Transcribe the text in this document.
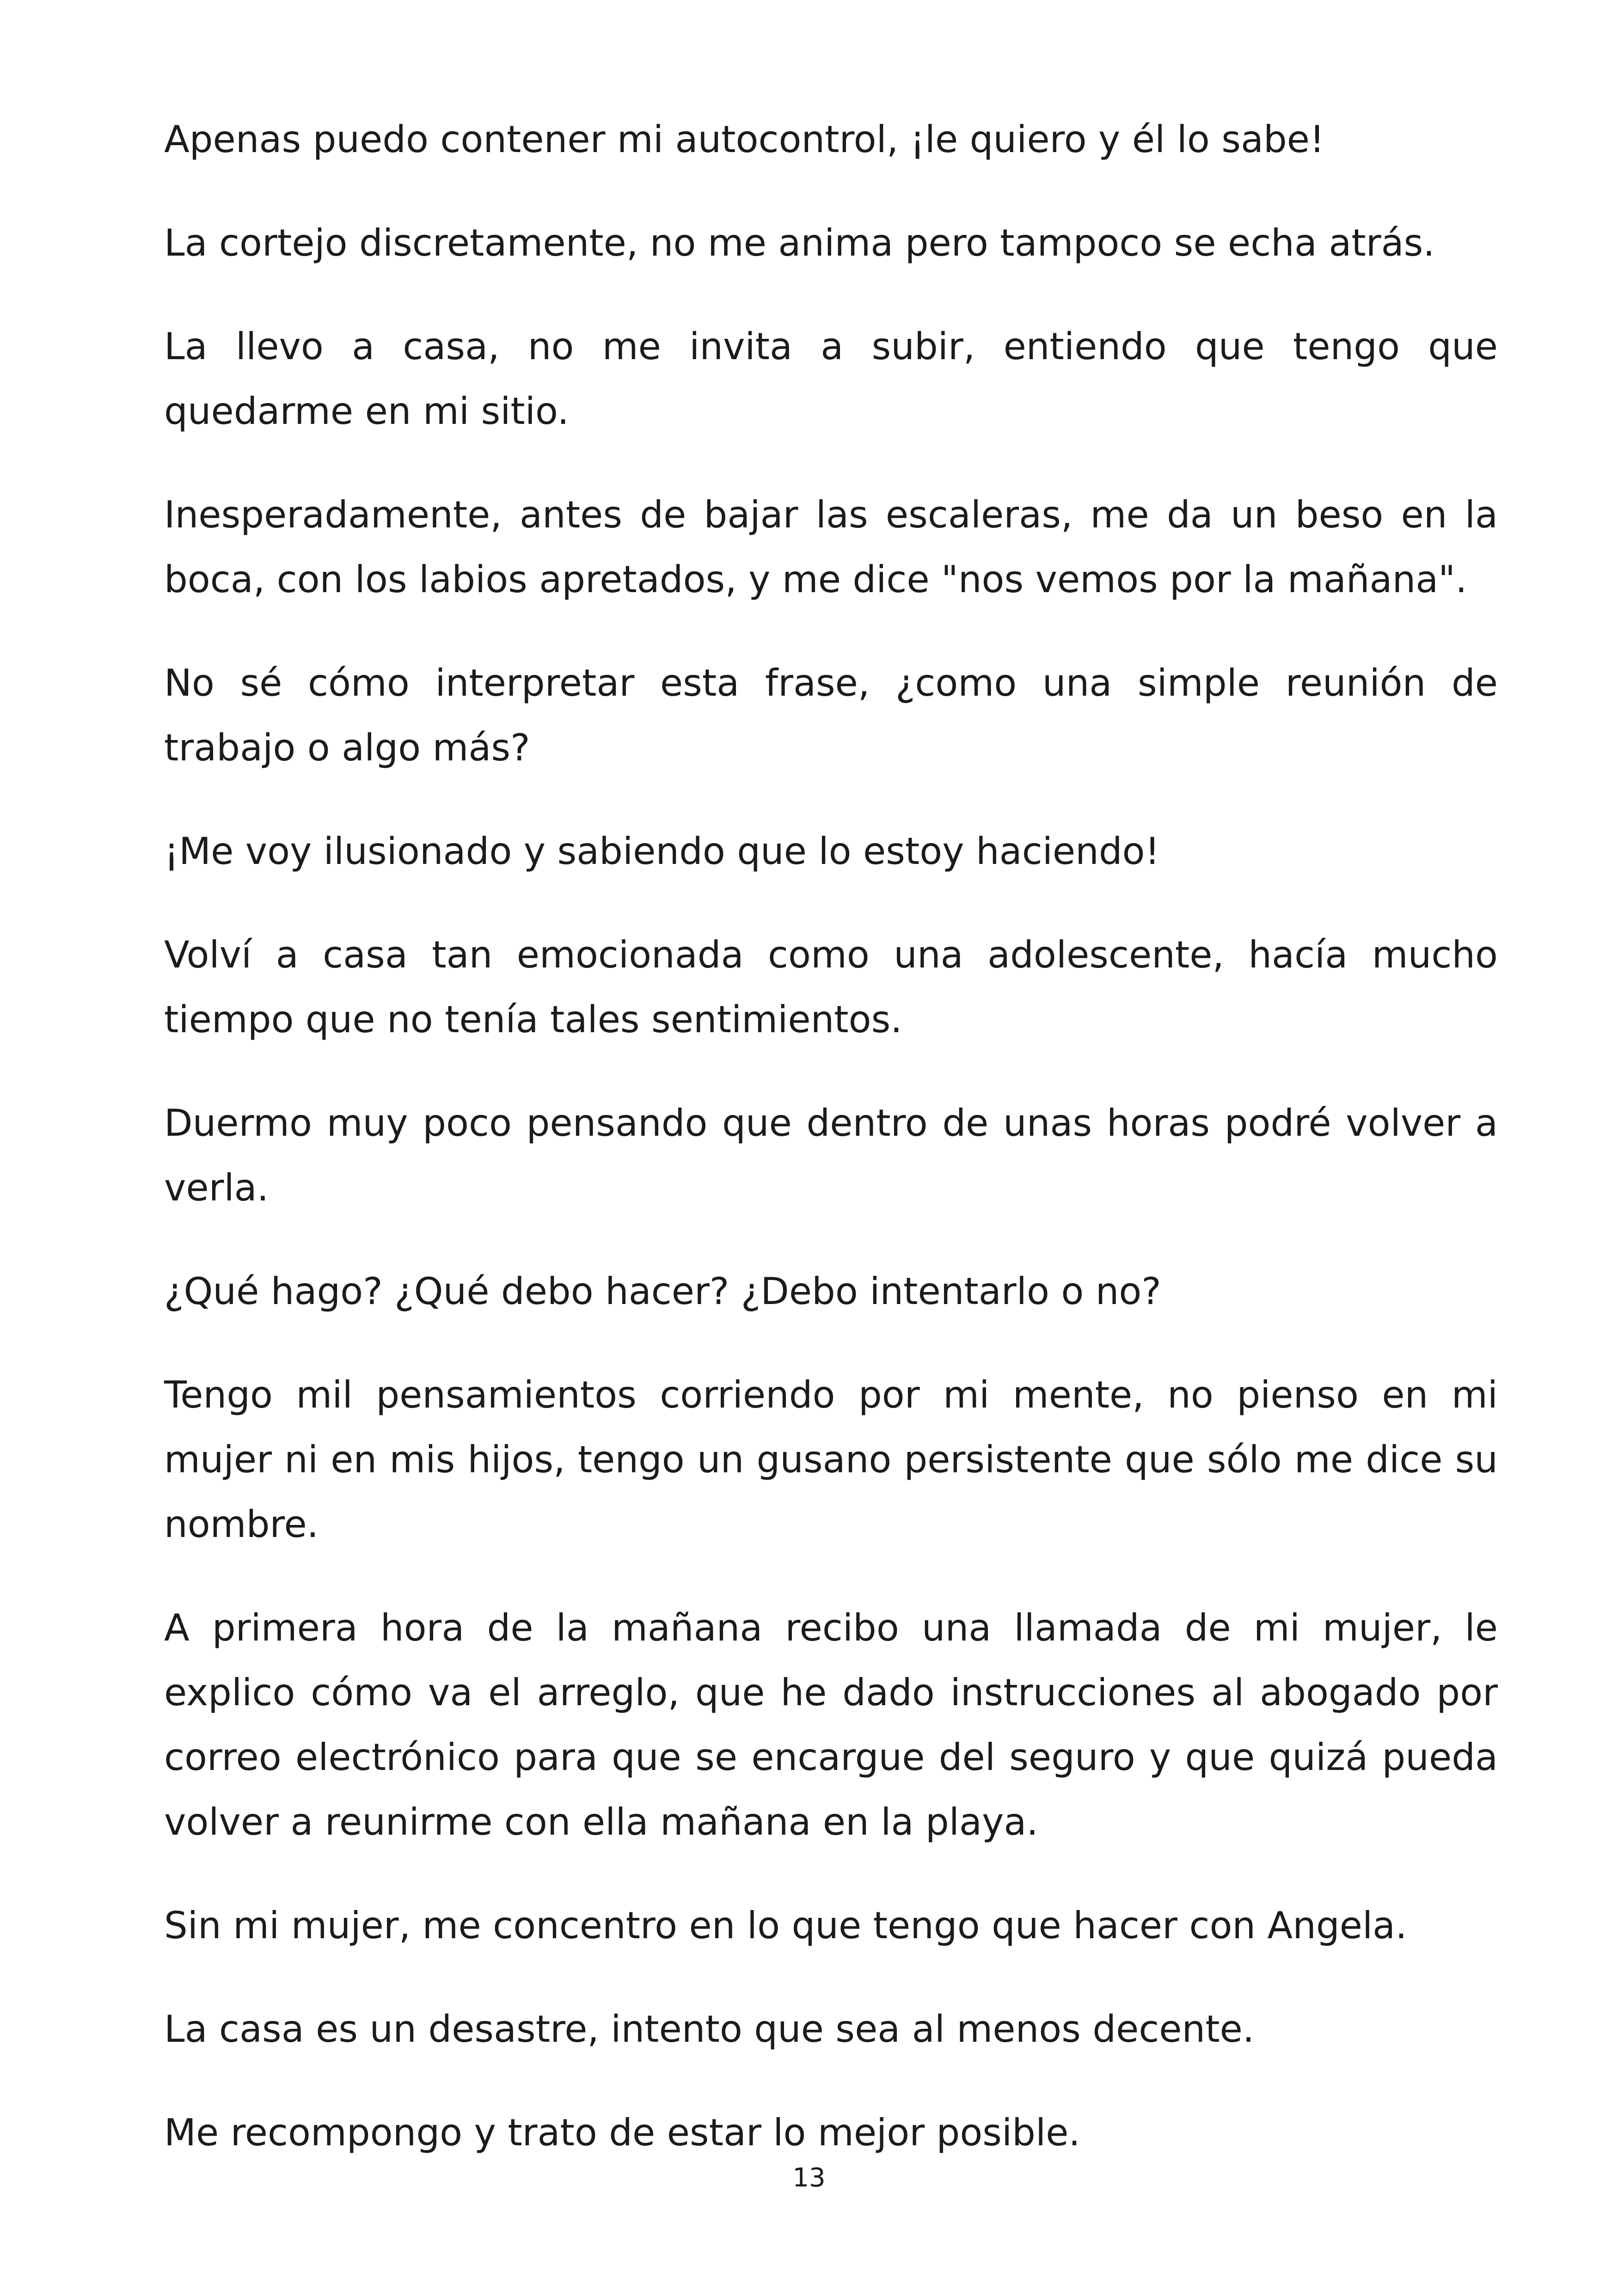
Apenas puedo contener mi autocontrol, ¡le quiero y él lo sabe!

La cortejo discretamente, no me anima pero tampoco se echa atrás.

La llevo a casa, no me invita a subir, entiendo que tengo que quedarme en mi sitio.

Inesperadamente, antes de bajar las escaleras, me da un beso en la boca, con los labios apretados, y me dice "nos vemos por la mañana".

No sé cómo interpretar esta frase, ¿como una simple reunión de trabajo o algo más?

¡Me voy ilusionado y sabiendo que lo estoy haciendo!

Volví a casa tan emocionada como una adolescente, hacía mucho tiempo que no tenía tales sentimientos.

Duermo muy poco pensando que dentro de unas horas podré volver a verla.

¿Qué hago? ¿Qué debo hacer? ¿Debo intentarlo o no?

Tengo mil pensamientos corriendo por mi mente, no pienso en mi mujer ni en mis hijos, tengo un gusano persistente que sólo me dice su nombre.

A primera hora de la mañana recibo una llamada de mi mujer, le explico cómo va el arreglo, que he dado instrucciones al abogado por correo electrónico para que se encargue del seguro y que quizá pueda volver a reunirme con ella mañana en la playa.

Sin mi mujer, me concentro en lo que tengo que hacer con Angela.

La casa es un desastre, intento que sea al menos decente.

Me recompongo y trato de estar lo mejor posible.

13
